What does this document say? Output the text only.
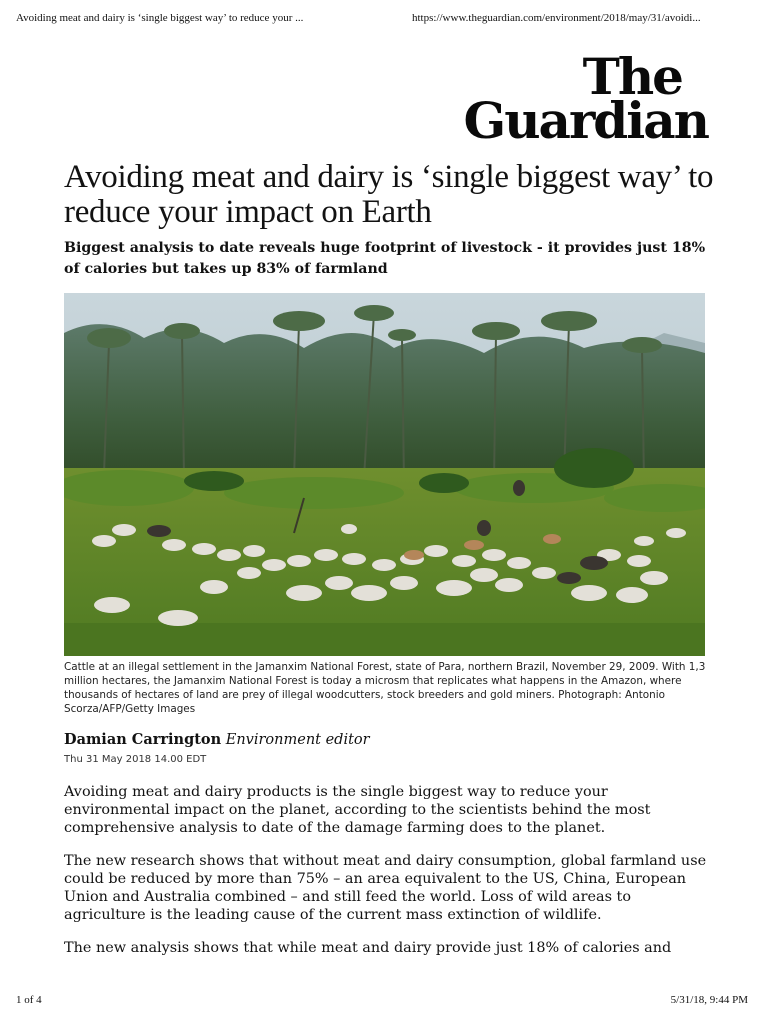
Avoiding meat and dairy is ‘single biggest way’ to reduce your ...	https://www.theguardian.com/environment/2018/may/31/avoidi...
The
Guardian
Avoiding meat and dairy is ‘single biggest way’ to reduce your impact on Earth

Biggest analysis to date reveals huge footprint of livestock - it provides just 18% of calories but takes up 83% of farmland

Cattle at an illegal settlement in the Jamanxim National Forest, state of Para, northern Brazil, November 29, 2009. With 1,3 million hectares, the Jamanxim National Forest is today a microsm that replicates what happens in the Amazon, where thousands of hectares of land are prey of illegal woodcutters, stock breeders and gold miners. Photograph: Antonio Scorza/AFP/Getty Images

Damian Carrington Environment editor
Thu 31 May 2018 14.00 EDT

Avoiding meat and dairy products is the single biggest way to reduce your environmental impact on the planet, according to the scientists behind the most comprehensive analysis to date of the damage farming does to the planet.

The new research shows that without meat and dairy consumption, global farmland use could be reduced by more than 75% – an area equivalent to the US, China, European Union and Australia combined – and still feed the world. Loss of wild areas to agriculture is the leading cause of the current mass extinction of wildlife.

The new analysis shows that while meat and dairy provide just 18% of calories and

1 of 4	5/31/18, 9:44 PM
